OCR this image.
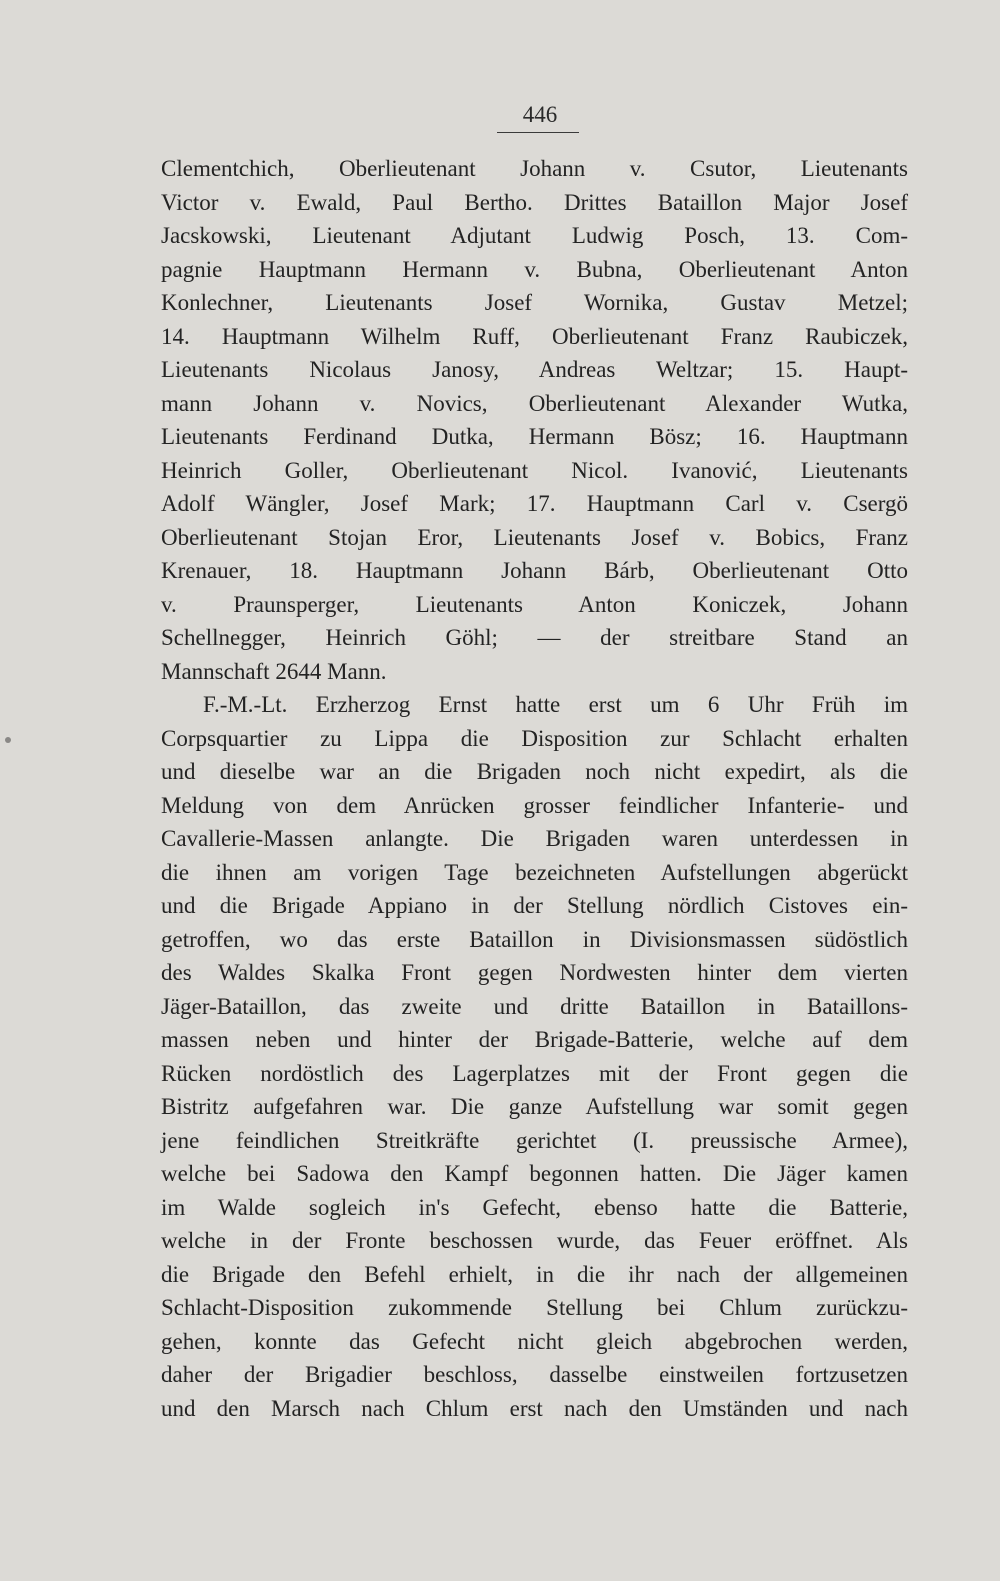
446
Clementchich, Oberlieutenant Johann v. Csutor, Lieutenants
Victor v. Ewald, Paul Bertho. Drittes Bataillon Major Josef
Jacskowski, Lieutenant Adjutant Ludwig Posch, 13. Com-
pagnie Hauptmann Hermann v. Bubna, Oberlieutenant Anton
Konlechner, Lieutenants Josef Wornika, Gustav Metzel;
14. Hauptmann Wilhelm Ruff, Oberlieutenant Franz Raubiczek,
Lieutenants Nicolaus Janosy, Andreas Weltzar; 15. Haupt-
mann Johann v. Novics, Oberlieutenant Alexander Wutka,
Lieutenants Ferdinand Dutka, Hermann Bösz; 16. Hauptmann
Heinrich Goller, Oberlieutenant Nicol. Ivanović, Lieutenants
Adolf Wängler, Josef Mark; 17. Hauptmann Carl v. Csergö
Oberlieutenant Stojan Eror, Lieutenants Josef v. Bobics, Franz
Krenauer, 18. Hauptmann Johann Bárb, Oberlieutenant Otto
v. Praunsperger, Lieutenants Anton Koniczek, Johann
Schellnegger, Heinrich Göhl; — der streitbare Stand an
Mannschaft 2644 Mann.
F.-M.-Lt. Erzherzog Ernst hatte erst um 6 Uhr Früh im
Corpsquartier zu Lippa die Disposition zur Schlacht erhalten
und dieselbe war an die Brigaden noch nicht expedirt, als die
Meldung von dem Anrücken grosser feindlicher Infanterie- und
Cavallerie-Massen anlangte. Die Brigaden waren unterdessen in
die ihnen am vorigen Tage bezeichneten Aufstellungen abgerückt
und die Brigade Appiano in der Stellung nördlich Cistoves ein-
getroffen, wo das erste Bataillon in Divisionsmassen südöstlich
des Waldes Skalka Front gegen Nordwesten hinter dem vierten
Jäger-Bataillon, das zweite und dritte Bataillon in Bataillons-
massen neben und hinter der Brigade-Batterie, welche auf dem
Rücken nordöstlich des Lagerplatzes mit der Front gegen die
Bistritz aufgefahren war. Die ganze Aufstellung war somit gegen
jene feindlichen Streitkräfte gerichtet (I. preussische Armee),
welche bei Sadowa den Kampf begonnen hatten. Die Jäger kamen
im Walde sogleich in's Gefecht, ebenso hatte die Batterie,
welche in der Fronte beschossen wurde, das Feuer eröffnet. Als
die Brigade den Befehl erhielt, in die ihr nach der allgemeinen
Schlacht-Disposition zukommende Stellung bei Chlum zurückzu-
gehen, konnte das Gefecht nicht gleich abgebrochen werden,
daher der Brigadier beschloss, dasselbe einstweilen fortzusetzen
und den Marsch nach Chlum erst nach den Umständen und nach
